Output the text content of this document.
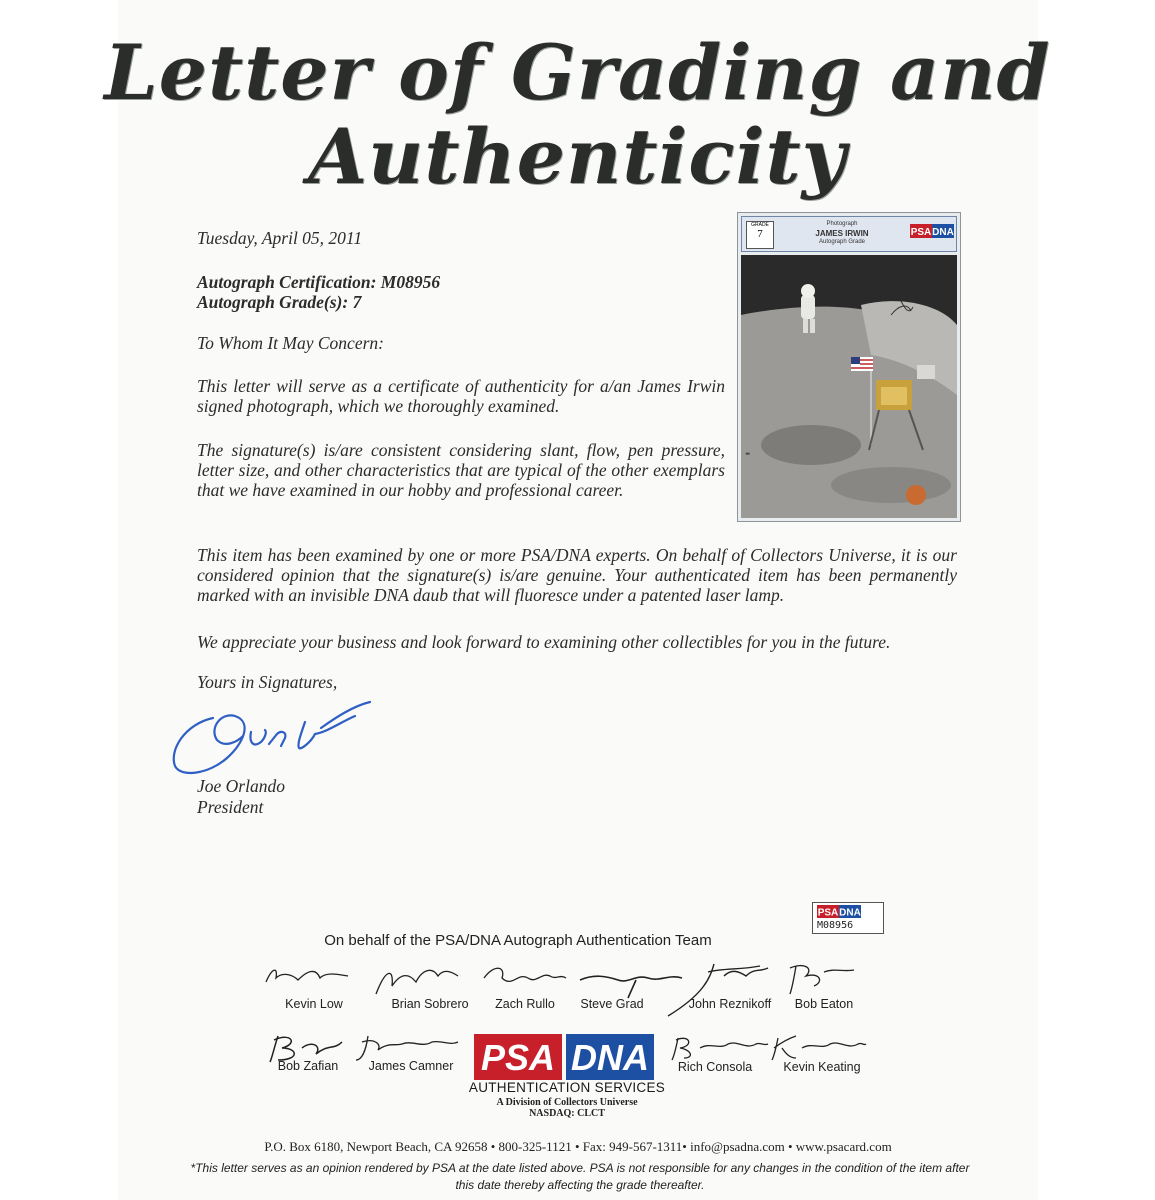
Letter of Grading and
Authenticity
Tuesday, April 05, 2011
Autograph Certification: M08956
Autograph Grade(s): 7
To Whom It May Concern:
This letter will serve as a certificate of authenticity for a/an James Irwin signed photograph, which we thoroughly examined.
The signature(s) is/are consistent considering slant, flow, pen pressure, letter size, and other characteristics that are typical of the other exemplars that we have examined in our hobby and professional career.
This item has been examined by one or more PSA/DNA experts. On behalf of Collectors Universe, it is our considered opinion that the signature(s) is/are genuine. Your authenticated item has been permanently marked with an invisible DNA daub that will fluoresce under a patented laser lamp.
We appreciate your business and look forward to examining other collectibles for you in the future.
Yours in Signatures,
Joe Orlando
President
GRADE
7
Photograph
JAMES IRWIN
Autograph Grade
PSA DNA
▮
PSA DNA
M08956
On behalf of the PSA/DNA Autograph Authentication Team
Kevin Low	Brian Sobrero	Zach Rullo	Steve Grad	John Reznikoff	Bob Eaton
Bob Zafian	James Camner	Rich Consola	Kevin Keating
PSA DNA
AUTHENTICATION SERVICES
A Division of Collectors Universe
NASDAQ: CLCT
P.O. Box 6180, Newport Beach, CA 92658 • 800-325-1121 • Fax: 949-567-1311• info@psadna.com • www.psacard.com
*This letter serves as an opinion rendered by PSA at the date listed above. PSA is not responsible for any changes in the condition of the item after this date thereby affecting the grade thereafter.
